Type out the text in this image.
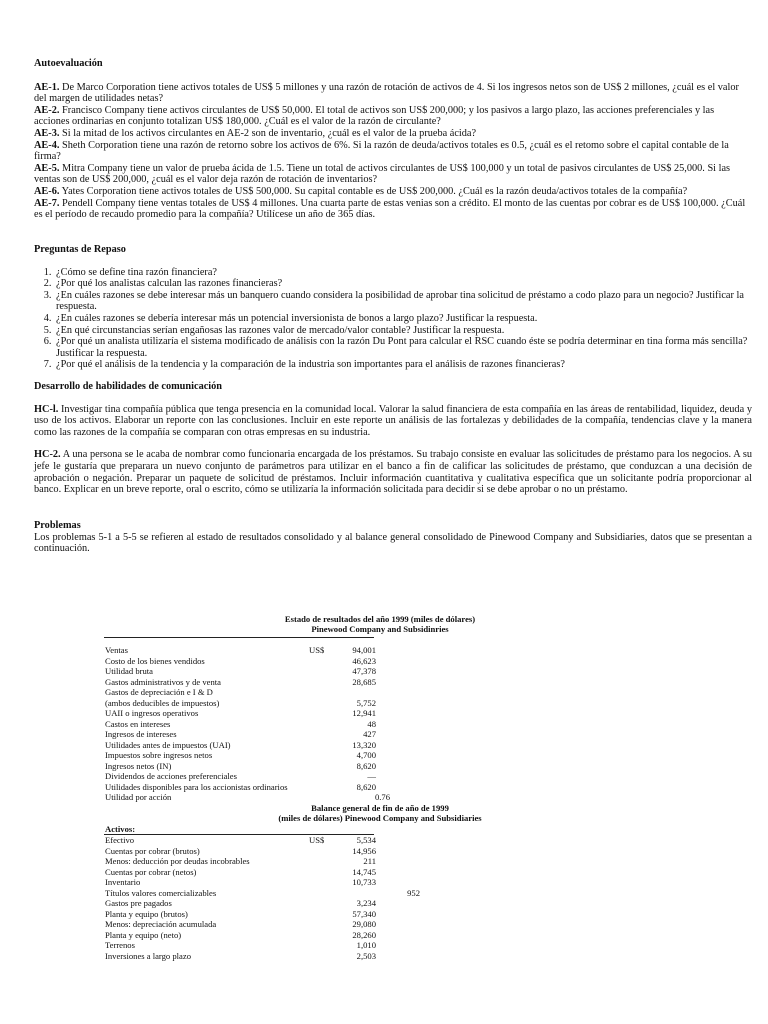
Autoevaluación

AE-1. De Marco Corporation tiene activos totales de US$ 5 millones y una razón de rotación de activos de 4. Si los ingresos netos son de US$ 2 millones, ¿cuál es el valor del margen de utilidades netas?

AE-2. Francisco Company tiene activos circulantes de US$ 50,000. El total de activos son US$ 200,000; y los pasivos a largo plazo, las acciones preferenciales y las acciones ordinarias en conjunto totalizan US$ 180,000. ¿Cuál es el valor de la razón de circulante?

AE-3. Si la mitad de los activos circulantes en AE-2 son de inventario, ¿cuál es el valor de la prueba ácida?

AE-4. Sheth Corporation tiene una razón de retorno sobre los activos de 6%. Si la razón de deuda/activos totales es 0.5, ¿cuál es el retomo sobre el capital contable de la firma?

AE-5. Mitra Company tiene un valor de prueba ácida de 1.5. Tiene un total de activos circulantes de US$ 100,000 y un total de pasivos circulantes de US$ 25,000. Si las ventas son de US$ 200,000, ¿cuál es el valor deja razón de rotación de inventarios?

AE-6. Yates Corporation tiene activos totales de US$ 500,000. Su capital contable es de US$ 200,000. ¿Cuál es la razón deuda/activos totales de la compañía?

AE-7. Pendell Company tiene ventas totales de US$ 4 millones. Una cuarta parte de estas venias son a crédito. El monto de las cuentas por cobrar es de US$ 100,000. ¿Cuál es el período de recaudo promedio para la compañía? Utilícese un año de 365 días.

Preguntas de Repaso

1. ¿Cómo se define tina razón financiera?
2. ¿Por qué los analistas calculan las razones financieras?
3. ¿En cuáles razones se debe interesar más un banquero cuando considera la posibilidad de aprobar tina solicitud de préstamo a codo plazo para un negocio? Justificar la respuesta.
4. ¿En cuáles razones se debería interesar más un potencial inversionista de bonos a largo plazo? Justificar la respuesta.
5. ¿En qué circunstancias serían engañosas las razones valor de mercado/valor contable? Justificar la respuesta.
6. ¿Por qué un analista utilizaría el sistema modificado de análisis con la razón Du Pont para calcular el RSC cuando éste se podría determinar en tina forma más sencilla? Justificar la respuesta.
7. ¿Por qué el análisis de la tendencia y la comparación de la industria son importantes para el análisis de razones financieras?

Desarrollo de habilidades de comunicación

HC-l. Investigar tina compañía pública que tenga presencia en la comunidad local. Valorar la salud financiera de esta compañía en las áreas de rentabilidad, liquidez, deuda y uso de los activos. Elaborar un reporte con las conclusiones. Incluir en este reporte un análisis de las fortalezas y debilidades de la compañía, tendencias clave y la manera como las razones de la compañía se comparan con otras empresas en su industria.

HC-2. A una persona se le acaba de nombrar como funcionaria encargada de los préstamos. Su trabajo consiste en evaluar las solicitudes de préstamo para los negocios. A su jefe le gustaría que preparara un nuevo conjunto de parámetros para utilizar en el banco a fin de calificar las solicitudes de préstamo, que conduzcan a una decisión de aprobación o negación. Preparar un paquete de solicitud de préstamos. Incluir información cuantitativa y cualitativa específica que un solicitante podría proporcionar al banco. Explicar en un breve reporte, oral o escrito, cómo se utilizaría la información solicitada para decidir si se debe aprobar o no un préstamo.

Problemas

Los problemas 5-1 a 5-5 se refieren al estado de resultados consolidado y al balance general consolidado de Pinewood Company and Subsidiaries, datos que se presentan a continuación.

Estado de resultados del año 1999 (miles de dólares)
Pinewood Company and Subsidinries
Ventas	US$	94,001
Costo de los bienes vendidos	46,623
Utilidad bruta	47,378
Gastos administrativos y de venta	28,685
Gastos de depreciación e I & D
(ambos deducibles de impuestos)	5,752
UAII o ingresos operativos	12,941
Castos en intereses	48
Ingresos de intereses	427
Utilidades antes de impuestos (UAI)	13,320
Impuestos sobre ingresos netos	4,700
Ingresos netos (IN)	8,620
Dividendos de acciones preferenciales	—
Utilidades disponibles para los accionistas ordinarios	8,620
Utilidad por acción	0.76
Balance general de fin de año de 1999
(miles de dólares) Pinewood Company and Subsidiaries
Activos:
Efectivo	US$	5,534
Cuentas por cobrar (brutos)	14,956
Menos: deducción por deudas incobrables	211
Cuentas por cobrar (netos)	14,745
Inventario	10,733
Títulos valores comercializables	952
Gastos pre pagados	3,234
Planta y equipo (brutos)	57,340
Menos: depreciación acumulada	29,080
Planta y equipo (neto)	28,260
Terrenos	1,010
Inversiones a largo plazo	2,503
